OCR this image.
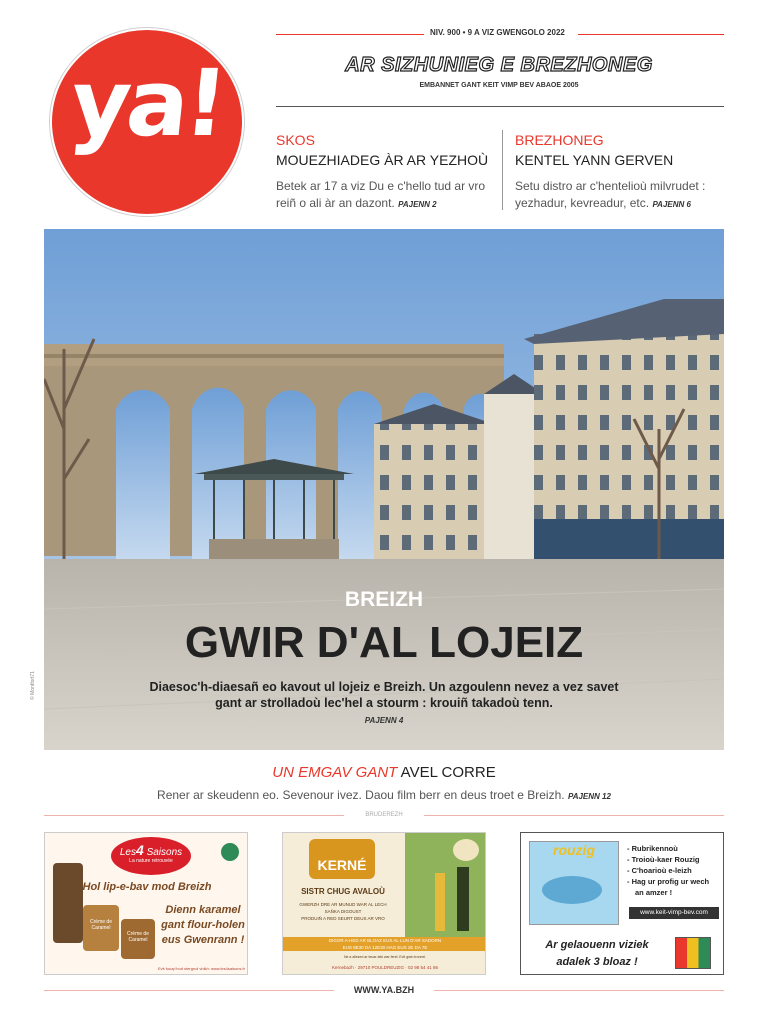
ya!
NIV. 900 • 9 A VIZ GWENGOLO 2022
AR SIZHUNIEG E BREZHONEG
EMBANNET GANT KEIT VIMP BEV ABAOE 2005
SKOS
MOUEZHIADEG ÀR AR YEZHOÙ
Betek ar 17 a viz Du e c'hello tud ar vro reiñ o ali àr an dazont. PAJENN 2
BREZHONEG
KENTEL YANN GERVEN
Setu distro ar c'hentelioù milvrudet : yezhadur, kevreadur, etc. PAJENN 6
© Montfort71
BREIZH
GWIR D'AL LOJEIZ
Diaesoc'h-diaesañ eo kavout ul lojeiz e Breizh. Un azgoulenn nevez a vez savet gant ar strolladoù lec'hel a stourm : krouiñ takadoù tenn.
PAJENN 4
UN EMGAV GANT AVEL CORRE
Rener ar skeudenn eo. Sevenour ivez. Daou film berr en deus troet e Breizh. PAJENN 12
BRUDEREZH
Les4 Saisons
La nature retrouvée
Hol lip-e-bav mod Breizh
Crème de Caramel
Crème de Caramel
Dienn karamel
gant flour-holen
eus Gwenrann !
Evit fouzp'hod stergnol vidkh: www.les4saisons.fr
KERNÉ
SISTR CHUG AVALOÙ
GWERZH DRE AR MUNUD WAR AL LECH
SAÑKA DIGOUST
PRODUIÑ A RED SEURT DEUS AR VRO
DIGOR A-HED AR BLOAZ EUS AL LUN D'AR SADORN
EUS 8E30 DA 12E30 HAG EUS 2E DA 7E
Ne a allezed ar teuar-teki war ferel. Evit gwin tronnel.
Kernebazh · 29710 POULDREUZIG · 02 98 54 41 86
rouzig	- Rubrikennoù
- Troioù-kaer Rouzig
- C'hoarioù e-leizh
- Hag ur profig ur wech
an amzer !
www.keit-vimp-bev.com
Ar gelaouenn viziek
adalek 3 bloaz !
WWW.YA.BZH
